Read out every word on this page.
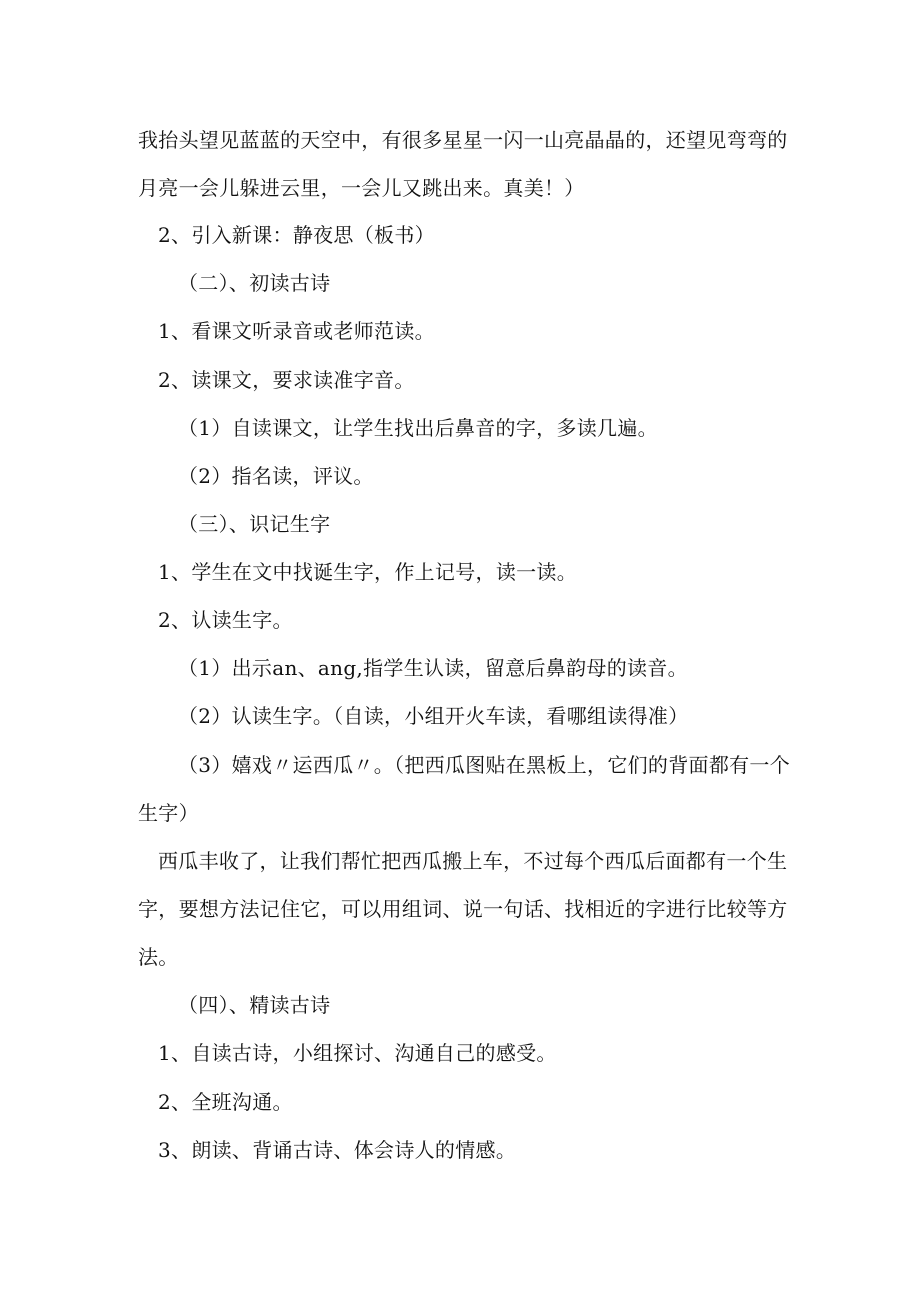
我抬头望见蓝蓝的天空中，有很多星星一闪一山亮晶晶的，还望见弯弯的
月亮一会儿躲进云里，一会儿又跳出来。真美！）
2、引入新课：静夜思（板书）
（二）、初读古诗
1、看课文听录音或老师范读。
2、读课文，要求读准字音。
（1）自读课文，让学生找出后鼻音的字，多读几遍。
（2）指名读，评议。
（三）、识记生字
1、学生在文中找诞生字，作上记号，读一读。
2、认读生字。
（1）出示an、ang,指学生认读，留意后鼻韵母的读音。
（2）认读生字。（自读，小组开火车读，看哪组读得准）
（3）嬉戏〃运西瓜〃。（把西瓜图贴在黑板上，它们的背面都有一个
生字）
西瓜丰收了，让我们帮忙把西瓜搬上车，不过每个西瓜后面都有一个生
字，要想方法记住它，可以用组词、说一句话、找相近的字进行比较等方
法。
（四）、精读古诗
1、自读古诗，小组探讨、沟通自己的感受。
2、全班沟通。
3、朗读、背诵古诗、体会诗人的情感。
